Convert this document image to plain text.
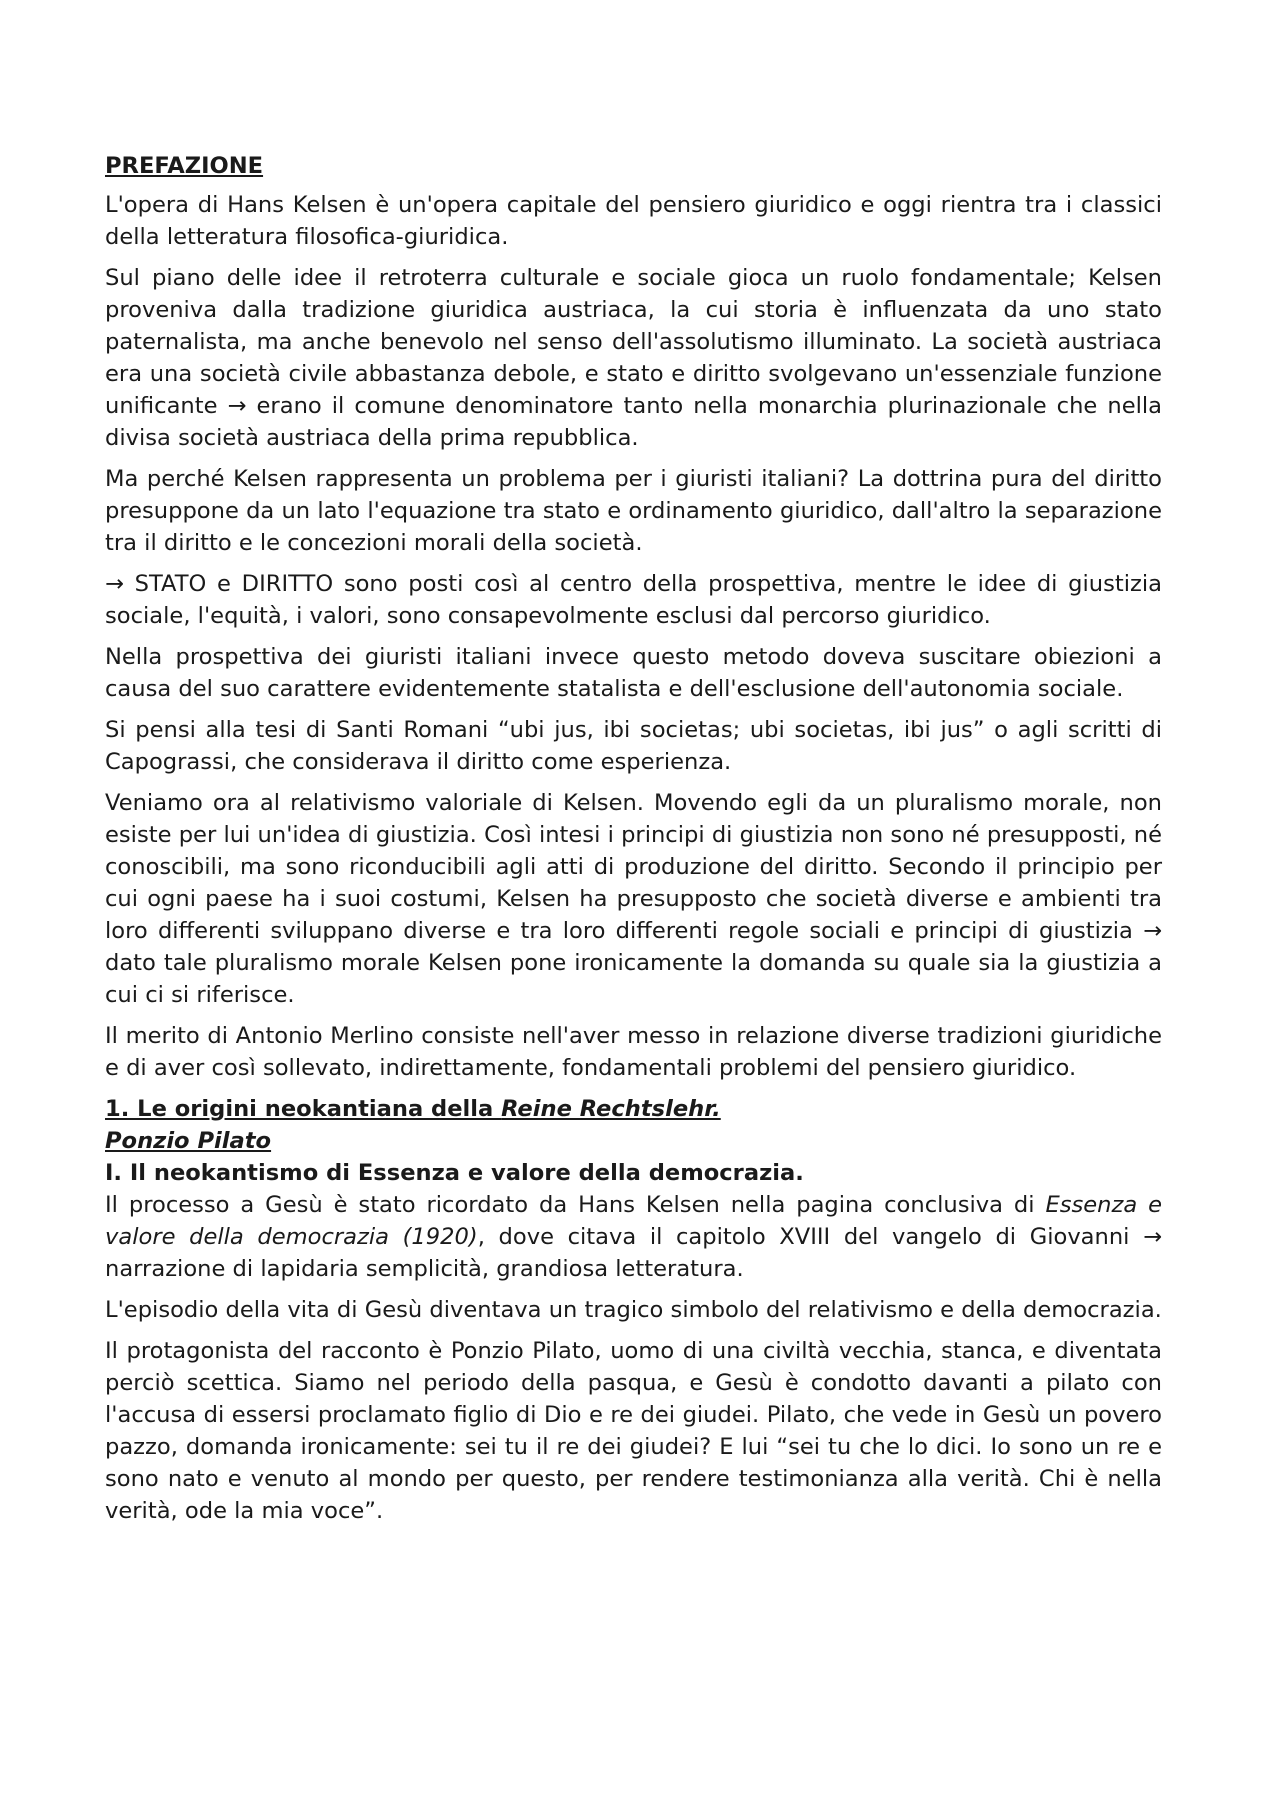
PREFAZIONE

L'opera di Hans Kelsen è un'opera capitale del pensiero giuridico e oggi rientra tra i classici della letteratura filosofica-giuridica.

Sul piano delle idee il retroterra culturale e sociale gioca un ruolo fondamentale; Kelsen proveniva dalla tradizione giuridica austriaca, la cui storia è influenzata da uno stato paternalista, ma anche benevolo nel senso dell'assolutismo illuminato. La società austriaca era una società civile abbastanza debole, e stato e diritto svolgevano un'essenziale funzione unificante → erano il comune denominatore tanto nella monarchia plurinazionale che nella divisa società austriaca della prima repubblica.

Ma perché Kelsen rappresenta un problema per i giuristi italiani? La dottrina pura del diritto presuppone da un lato l'equazione tra stato e ordinamento giuridico, dall'altro la separazione tra il diritto e le concezioni morali della società.

→ STATO e DIRITTO sono posti così al centro della prospettiva, mentre le idee di giustizia sociale, l'equità, i valori, sono consapevolmente esclusi dal percorso giuridico.

Nella prospettiva dei giuristi italiani invece questo metodo doveva suscitare obiezioni a causa del suo carattere evidentemente statalista e dell'esclusione dell'autonomia sociale.

Si pensi alla tesi di Santi Romani “ubi jus, ibi societas; ubi societas, ibi jus” o agli scritti di Capograssi, che considerava il diritto come esperienza.

Veniamo ora al relativismo valoriale di Kelsen. Movendo egli da un pluralismo morale, non esiste per lui un'idea di giustizia. Così intesi i principi di giustizia non sono né presupposti, né conoscibili, ma sono riconducibili agli atti di produzione del diritto. Secondo il principio per cui ogni paese ha i suoi costumi, Kelsen ha presupposto che società diverse e ambienti tra loro differenti sviluppano diverse e tra loro differenti regole sociali e principi di giustizia → dato tale pluralismo morale Kelsen pone ironicamente la domanda su quale sia la giustizia a cui ci si riferisce.

Il merito di Antonio Merlino consiste nell'aver messo in relazione diverse tradizioni giuridiche e di aver così sollevato, indirettamente, fondamentali problemi del pensiero giuridico.

1. Le origini neokantiana della Reine Rechtslehr.
Ponzio Pilato
I. Il neokantismo di Essenza e valore della democrazia.

Il processo a Gesù è stato ricordato da Hans Kelsen nella pagina conclusiva di Essenza e valore della democrazia (1920), dove citava il capitolo XVIII del vangelo di Giovanni → narrazione di lapidaria semplicità, grandiosa letteratura.

L'episodio della vita di Gesù diventava un tragico simbolo del relativismo e della democrazia.

Il protagonista del racconto è Ponzio Pilato, uomo di una civiltà vecchia, stanca, e diventata perciò scettica. Siamo nel periodo della pasqua, e Gesù è condotto davanti a pilato con l'accusa di essersi proclamato figlio di Dio e re dei giudei. Pilato, che vede in Gesù un povero pazzo, domanda ironicamente: sei tu il re dei giudei? E lui “sei tu che lo dici. Io sono un re e sono nato e venuto al mondo per questo, per rendere testimonianza alla verità. Chi è nella verità, ode la mia voce”.
